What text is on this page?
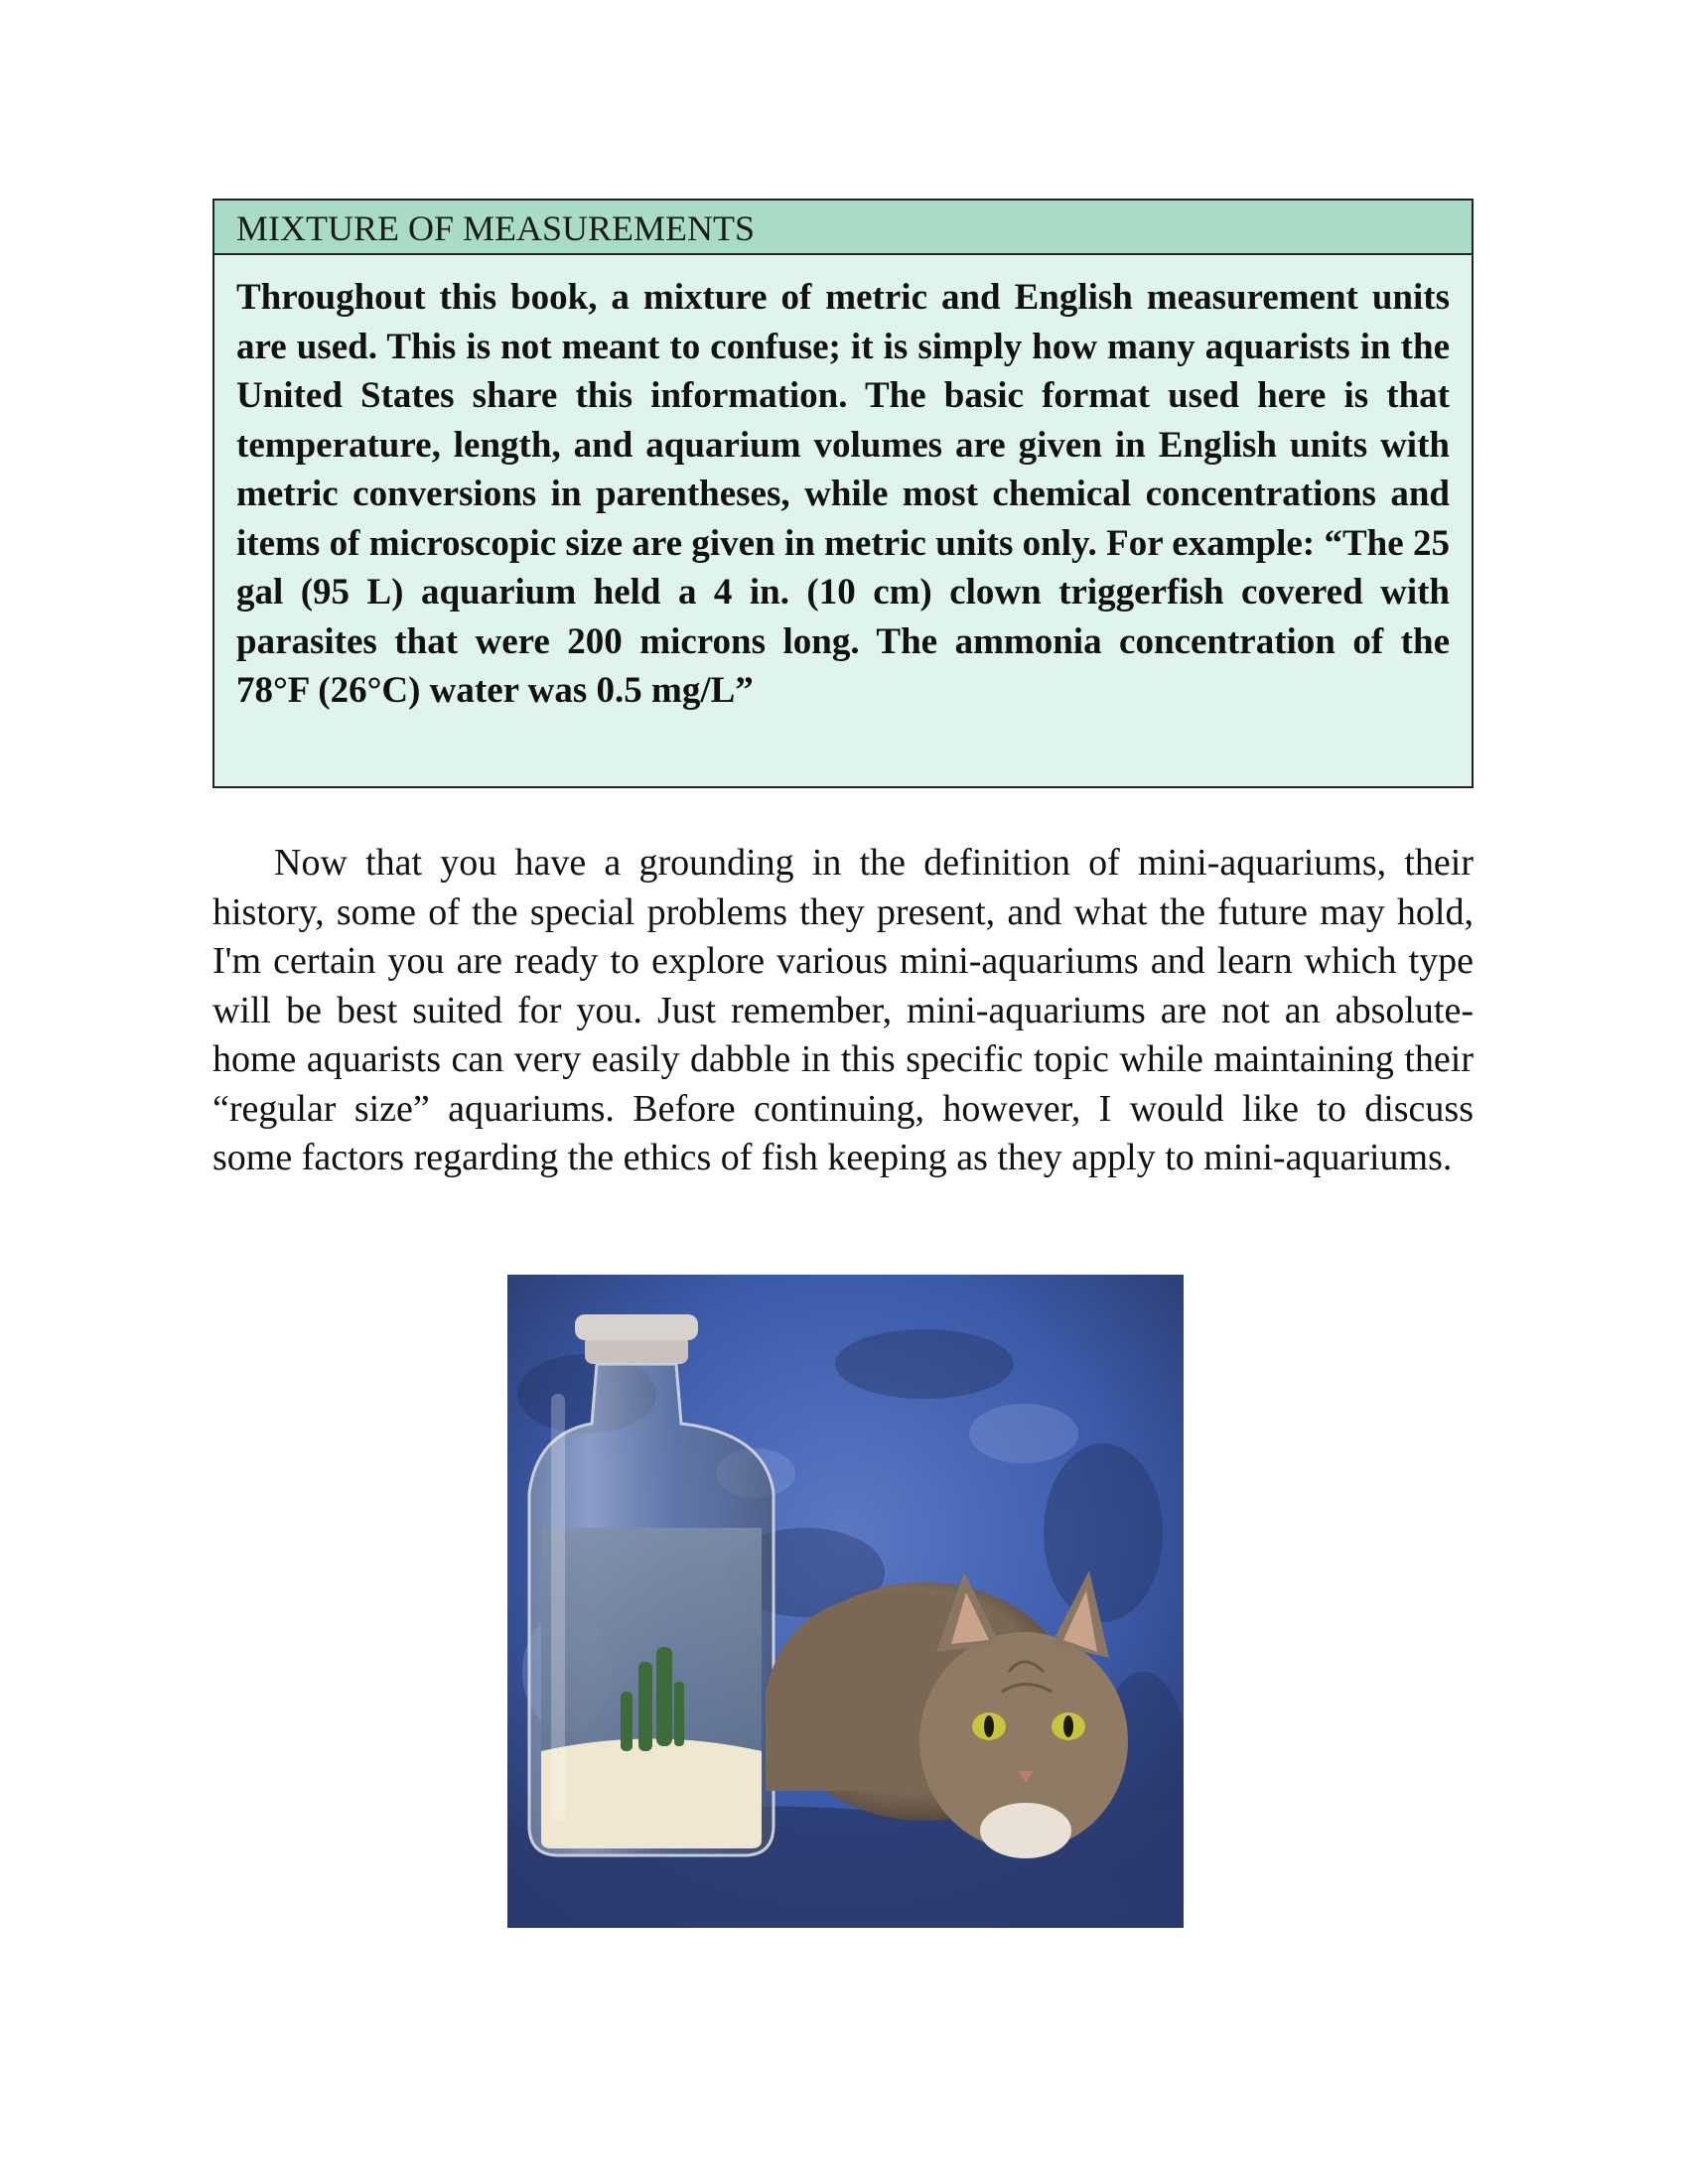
MIXTURE OF MEASUREMENTS

Throughout this book, a mixture of metric and English measurement units are used. This is not meant to confuse; it is simply how many aquarists in the United States share this information. The basic format used here is that temperature, length, and aquarium volumes are given in English units with metric conversions in parentheses, while most chemical concentrations and items of microscopic size are given in metric units only. For example: “The 25 gal (95 L) aquarium held a 4 in. (10 cm) clown triggerfish covered with parasites that were 200 microns long. The ammonia concentration of the 78°F (26°C) water was 0.5 mg/L”

Now that you have a grounding in the definition of mini-aquariums, their history, some of the special problems they present, and what the future may hold, I'm certain you are ready to explore various mini-aquariums and learn which type will be best suited for you. Just remember, mini-aquariums are not an absolute-home aquarists can very easily dabble in this specific topic while maintaining their “regular size” aquariums. Before continuing, however, I would like to discuss some factors regarding the ethics of fish keeping as they apply to mini-aquariums.
